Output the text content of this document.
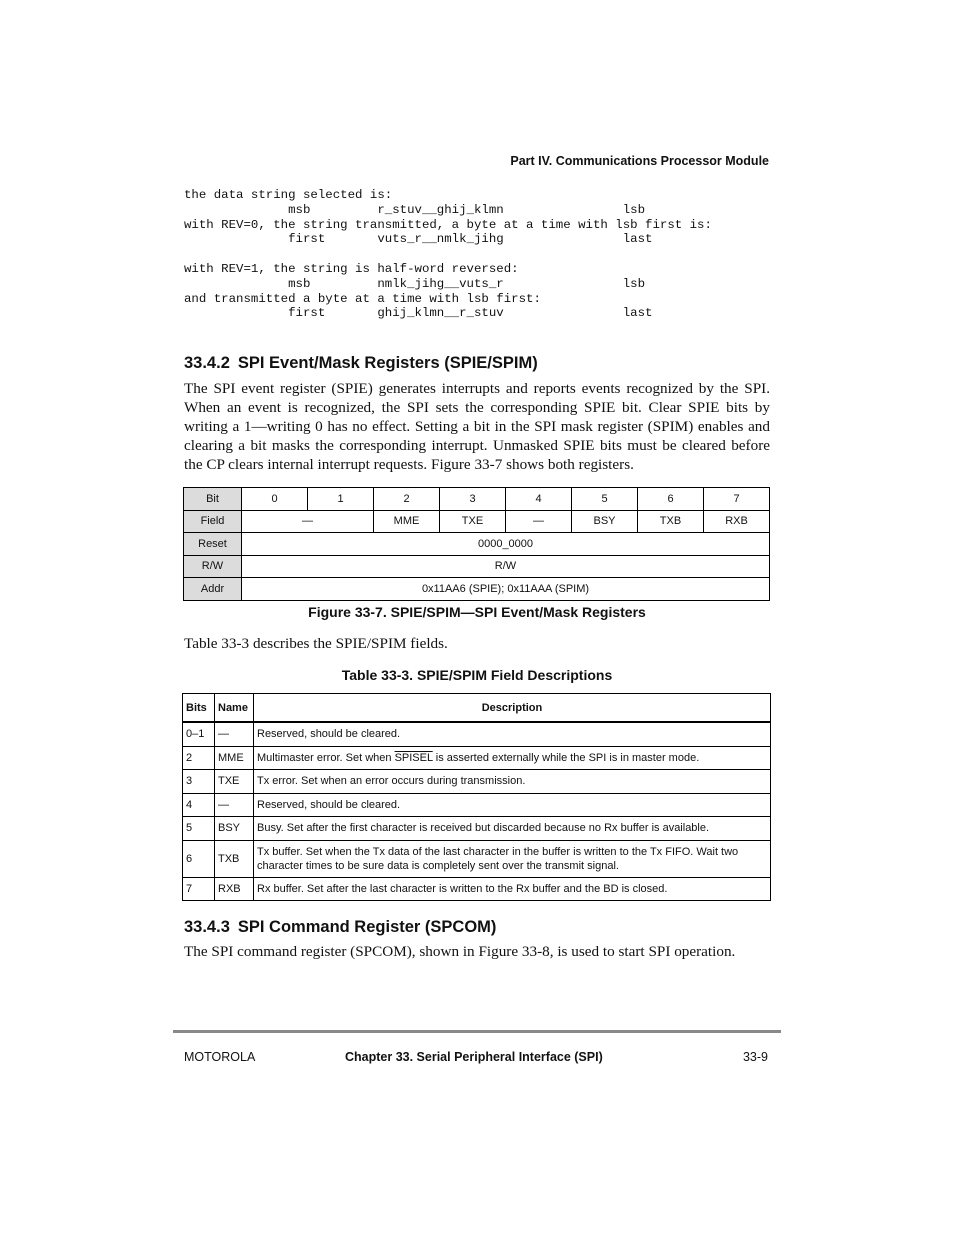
Part IV. Communications Processor Module
the data string selected is:
msb         r_stuv__ghij_klmn                lsb
with REV=0, the string transmitted, a byte at a time with lsb first is:
first       vuts_r__nmlk_jihg                last

with REV=1, the string is half-word reversed:
msb         nmlk_jihg__vuts_r                lsb
and transmitted a byte at a time with lsb first:
first       ghij_klmn__r_stuv                last
33.4.2 SPI Event/Mask Registers (SPIE/SPIM)

The SPI event register (SPIE) generates interrupts and reports events recognized by the SPI. When an event is recognized, the SPI sets the corresponding SPIE bit. Clear SPIE bits by writing a 1—writing 0 has no effect. Setting a bit in the SPI mask register (SPIM) enables and clearing a bit masks the corresponding interrupt. Unmasked SPIE bits must be cleared before the CP clears internal interrupt requests. Figure 33-7 shows both registers.

Bit	0	1	2	3	4	5	6	7
Field	—		MME	TXE	—	BSY	TXB	RXB
Reset	0000_0000							
R/W	R/W							
Addr	0x11AA6 (SPIE); 0x11AAA (SPIM)							
Figure 33-7. SPIE/SPIM—SPI Event/Mask Registers

Table 33-3 describes the SPIE/SPIM fields.

Table 33-3. SPIE/SPIM Field Descriptions
Bits	Name	Description
0–1	—	Reserved, should be cleared.
2	MME	Multimaster error. Set when SPISEL is asserted externally while the SPI is in master mode.
3	TXE	Tx error. Set when an error occurs during transmission.
4	—	Reserved, should be cleared.
5	BSY	Busy. Set after the first character is received but discarded because no Rx buffer is available.
6	TXB	Tx buffer. Set when the Tx data of the last character in the buffer is written to the Tx FIFO. Wait two character times to be sure data is completely sent over the transmit signal.
7	RXB	Rx buffer. Set after the last character is written to the Rx buffer and the BD is closed.
33.4.3 SPI Command Register (SPCOM)

The SPI command register (SPCOM), shown in Figure 33-8, is used to start SPI operation.

MOTOROLA	Chapter 33. Serial Peripheral Interface (SPI)	33-9
